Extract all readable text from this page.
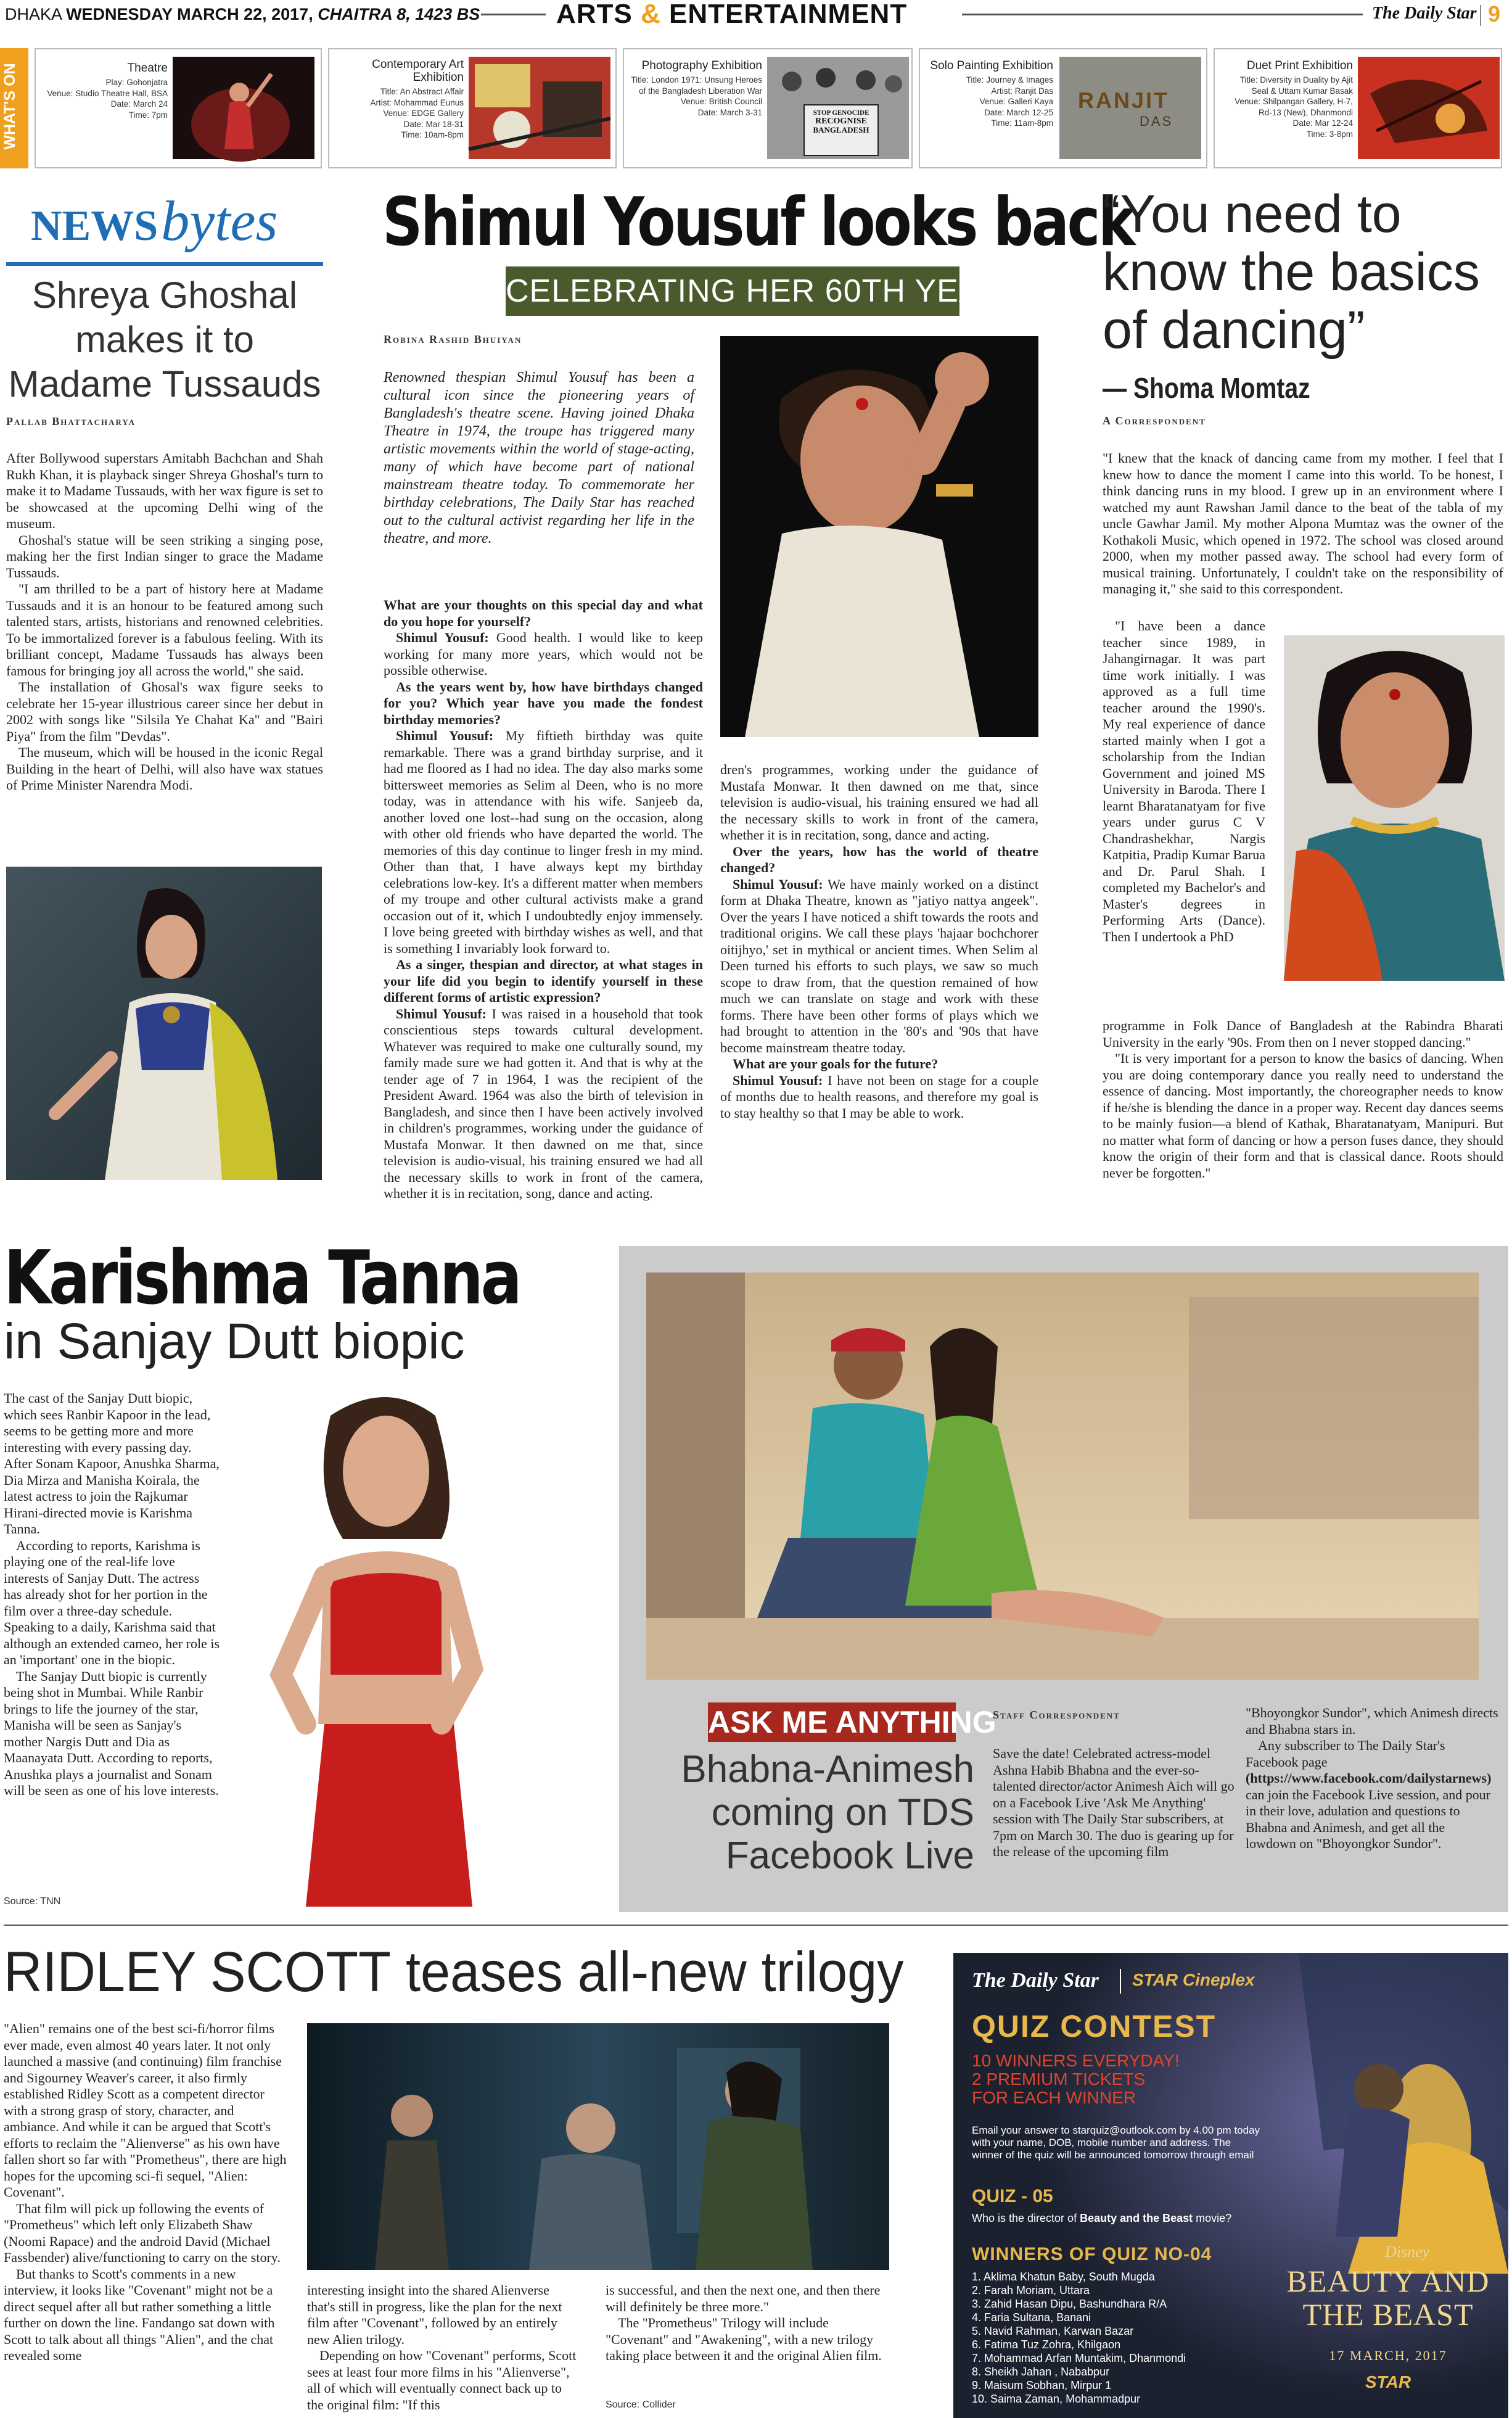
DHAKA WEDNESDAY MARCH 22, 2017, CHAITRA 8, 1423 BS	ARTS & ENTERTAINMENT	The Daily Star 9
WHAT'S ON	Theatre
Play: Gohonjatra
Venue: Studio Theatre Hall, BSA
Date: March 24
Time: 7pm
Contemporary Art Exhibition
Title: An Abstract Affair
Artist: Mohammad Eunus
Venue: EDGE Gallery
Date: Mar 18-31
Time: 10am-8pm
Photography Exhibition
Title: London 1971: Unsung Heroes
of the Bangladesh Liberation War
Venue: British Council
Date: March 3-31	STOP GENOCIDE
RECOGNISE
BANGLADESH
Solo Painting Exhibition
Title: Journey & Images
Artist: Ranjit Das
Venue: Galleri Kaya
Date: March 12-25
Time: 11am-8pm
RANJIT
DAS
Duet Print Exhibition
Title: Diversity in Duality by Ajit
Seal & Uttam Kumar Basak
Venue: Shilpangan Gallery, H-7,
Rd-13 (New), Dhanmondi
Date: Mar 12-24
Time: 3-8pm
NEWS bytes
Shreya Ghoshal makes it to Madame Tussauds
Pallab Bhattacharya

After Bollywood superstars Amitabh Bachchan and Shah Rukh Khan, it is playback singer Shreya Ghoshal's turn to make it to Madame Tussauds, with her wax figure is set to be showcased at the upcoming Delhi wing of the museum.

Ghoshal's statue will be seen striking a singing pose, making her the first Indian singer to grace the Madame Tussauds.

"I am thrilled to be a part of history here at Madame Tussauds and it is an honour to be featured among such talented stars, artists, historians and renowned celebrities. To be immortalized forever is a fabulous feeling. With its brilliant concept, Madame Tussauds has always been famous for bringing joy all across the world," she said.

The installation of Ghosal's wax figure seeks to celebrate her 15-year illustrious career since her debut in 2002 with songs like "Silsila Ye Chahat Ka" and "Bairi Piya" from the film "Devdas".

The museum, which will be housed in the iconic Regal Building in the heart of Delhi, will also have wax statues of Prime Minister Narendra Modi.

Shimul Yousuf looks back
CELEBRATING HER 60TH YEAR
Robina Rashid Bhuiyan
Renowned thespian Shimul Yousuf has been a cultural icon since the pioneering years of Bangladesh's theatre scene. Having joined Dhaka Theatre in 1974, the troupe has triggered many artistic movements within the world of stage-acting, many of which have become part of national mainstream theatre today. To commemorate her birthday celebrations, The Daily Star has reached out to the cultural activist regarding her life in the theatre, and more.

What are your thoughts on this special day and what do you hope for yourself?

Shimul Yousuf: Good health. I would like to keep working for many more years, which would not be possible otherwise.

As the years went by, how have birthdays changed for you? Which year have you made the fondest birthday memories?

Shimul Yousuf: My fiftieth birthday was quite remarkable. There was a grand birthday surprise, and it had me floored as I had no idea. The day also marks some bittersweet memories as Selim al Deen, who is no more today, was in attendance with his wife. Sanjeeb da, another loved one lost--had sung on the occasion, along with other old friends who have departed the world. The memories of this day continue to linger fresh in my mind. Other than that, I have always kept my birthday celebrations low-key. It's a different matter when members of my troupe and other cultural activists make a grand occasion out of it, which I undoubtedly enjoy immensely. I love being greeted with birthday wishes as well, and that is something I invariably look forward to.

As a singer, thespian and director, at what stages in your life did you begin to identify yourself in these different forms of artistic expression?

Shimul Yousuf: I was raised in a household that took conscientious steps towards cultural development. Whatever was required to make one culturally sound, my family made sure we had gotten it. And that is why at the tender age of 7 in 1964, I was the recipient of the President Award. 1964 was also the birth of television in Bangladesh, and since then I have been actively involved in children's programmes, working under the guidance of Mustafa Monwar. It then dawned on me that, since television is audio-visual, his training ensured we had all the necessary skills to work in front of the camera, whether it is in recitation, song, dance and acting.

dren's programmes, working under the guidance of Mustafa Monwar. It then dawned on me that, since television is audio-visual, his training ensured we had all the necessary skills to work in front of the camera, whether it is in recitation, song, dance and acting.

Over the years, how has the world of theatre changed?

Shimul Yousuf: We have mainly worked on a distinct form at Dhaka Theatre, known as "jatiyo nattya angeek". Over the years I have noticed a shift towards the roots and traditional origins. We call these plays 'hajaar bochchorer oitijhyo,' set in mythical or ancient times. When Selim al Deen turned his efforts to such plays, we saw so much scope to draw from, that the question remained of how much we can translate on stage and work with these forms. There have been other forms of plays which we had brought to attention in the '80's and '90s that have become mainstream theatre today.

What are your goals for the future?

Shimul Yousuf: I have not been on stage for a couple of months due to health reasons, and therefore my goal is to stay healthy so that I may be able to work.

“You need to know the basics of dancing”
— Shoma Momtaz
A Correspondent
"I knew that the knack of dancing came from my mother. I feel that I knew how to dance the moment I came into this world. To be honest, I think dancing runs in my blood. I grew up in an environment where I watched my aunt Rawshan Jamil dance to the beat of the tabla of my uncle Gawhar Jamil. My mother Alpona Mumtaz was the owner of the Kothakoli Music, which opened in 1972. The school was closed around 2000, when my mother passed away. The school had every form of musical training. Unfortunately, I couldn't take on the responsibility of managing it," she said to this correspondent.
"I have been a dance teacher since 1989, in Jahangirnagar. It was part time work initially. I was approved as a full time teacher around the 1990's. My real experience of dance started mainly when I got a scholarship from the Indian Government and joined MS University in Baroda. There I learnt Bharatanatyam for five years under gurus C V Chandrashekhar, Nargis Katpitia, Pradip Kumar Barua and Dr. Parul Shah. I completed my Bachelor's and Master's degrees in Performing Arts (Dance). Then I undertook a PhD

programme in Folk Dance of Bangladesh at the Rabindra Bharati University in the early '90s. From then on I never stopped dancing."

"It is very important for a person to know the basics of dancing. When you are doing contemporary dance you really need to understand the essence of dancing. Most importantly, the choreographer needs to know if he/she is blending the dance in a proper way. Recent day dances seems to be mainly fusion—a blend of Kathak, Bharatanatyam, Manipuri. But no matter what form of dancing or how a person fuses dance, they should know the origin of their form and that is classical dance. Roots should never be forgotten."

Karishma Tanna
in Sanjay Dutt biopic

The cast of the Sanjay Dutt biopic, which sees Ranbir Kapoor in the lead, seems to be getting more and more interesting with every passing day. After Sonam Kapoor, Anushka Sharma, Dia Mirza and Manisha Koirala, the latest actress to join the Rajkumar Hirani-directed movie is Karishma Tanna.

According to reports, Karishma is playing one of the real-life love interests of Sanjay Dutt. The actress has already shot for her portion in the film over a three-day schedule. Speaking to a daily, Karishma said that although an extended cameo, her role is an 'important' one in the biopic.

The Sanjay Dutt biopic is currently being shot in Mumbai. While Ranbir brings to life the journey of the star, Manisha will be seen as Sanjay's mother Nargis Dutt and Dia as Maanayata Dutt. According to reports, Anushka plays a journalist and Sonam will be seen as one of his love interests.

Source: TNN
ASK ME ANYTHING
Bhabna-Animesh coming on TDS Facebook Live
Staff Correspondent
Save the date! Celebrated actress-model Ashna Habib Bhabna and the ever-so-talented director/actor Animesh Aich will go on a Facebook Live 'Ask Me Anything' session with The Daily Star subscribers, at 7pm on March 30. The duo is gearing up for the release of the upcoming film

"Bhoyongkor Sundor", which Animesh directs and Bhabna stars in.

Any subscriber to The Daily Star's Facebook page (https://www.facebook.com/dailystarnews) can join the Facebook Live session, and pour in their love, adulation and questions to Bhabna and Animesh, and get all the lowdown on "Bhoyongkor Sundor".

RIDLEY SCOTT teases all-new trilogy

"Alien" remains one of the best sci-fi/horror films ever made, even almost 40 years later. It not only launched a massive (and continuing) film franchise and Sigourney Weaver's career, it also firmly established Ridley Scott as a competent director with a strong grasp of story, character, and ambiance. And while it can be argued that Scott's efforts to reclaim the "Alienverse" as his own have fallen short so far with "Prometheus", there are high hopes for the upcoming sci-fi sequel, "Alien: Covenant".

That film will pick up following the events of "Prometheus" which left only Elizabeth Shaw (Noomi Rapace) and the android David (Michael Fassbender) alive/functioning to carry on the story.

But thanks to Scott's comments in a new interview, it looks like "Covenant" might not be a direct sequel after all but rather something a little further on down the line. Fandango sat down with Scott to talk about all things "Alien", and the chat revealed some

interesting insight into the shared Alienverse that's still in progress, like the plan for the next film after "Covenant", followed by an entirely new Alien trilogy.

Depending on how "Covenant" performs, Scott sees at least four more films in his "Alienverse", all of which will eventually connect back up to the original film: "If this

is successful, and then the next one, and then there will definitely be three more."

The "Prometheus" Trilogy will include "Covenant" and "Awakening", with a new trilogy taking place between it and the original Alien film.

Source: Collider
The Daily Star STAR Cineplex
QUIZ CONTEST
10 WINNERS EVERYDAY!
2 PREMIUM TICKETS
FOR EACH WINNER
Email your answer to starquiz@outlook.com by 4.00 pm today with your name, DOB, mobile number and address. The winner of the quiz will be announced tomorrow through email
QUIZ - 05
Who is the director of Beauty and the Beast movie?
WINNERS OF QUIZ NO-04
1. Aklima Khatun Baby, South Mugda
2. Farah Moriam, Uttara
3. Zahid Hasan Dipu, Bashundhara R/A
4. Faria Sultana, Banani
5. Navid Rahman, Karwan Bazar
6. Fatima Tuz Zohra, Khilgaon
7. Mohammad Arfan Muntakim, Dhanmondi
8. Sheikh Jahan , Nababpur
9. Maisum Sobhan, Mirpur 1
10. Saima Zaman, Mohammadpur
Disney
BEAUTY AND THE BEAST
17 MARCH, 2017
STAR
